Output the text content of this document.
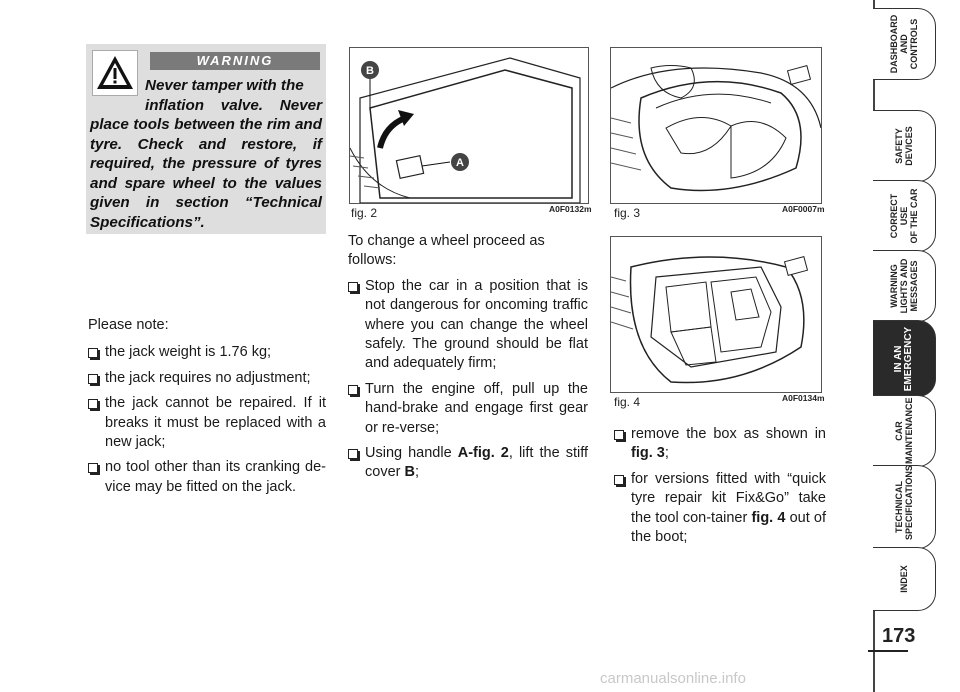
WARNING
Never tamper with the
inflation valve. Never place tools between the rim and tyre. Check and restore, if required, the pressure of tyres and spare wheel to the values given in section “Technical Specifications”.
Please note:
the jack weight is 1.76 kg;
the jack requires no adjustment;
the jack cannot be repaired. If it breaks it must be replaced with a new jack;
no tool other than its cranking de-vice may be fitted on the jack.
B
A
fig. 2	A0F0132m fig. 3	A0F0007m
fig. 4	A0F0134m
To change a wheel proceed as follows:
Stop the car in a position that is not dangerous for oncoming traffic where you can change the wheel safely. The ground should be flat and adequately firm;
Turn the engine off, pull up the hand-brake and engage first gear or re-verse;
Using handle A-fig. 2, lift the stiff cover B;
remove the box as shown in fig. 3;
for versions fitted with “quick tyre repair kit Fix&Go” take the tool con-tainer fig. 4 out of the boot;
DASHBOARD
AND
CONTROLS
SAFETY
DEVICES
CORRECT USE
OF THE CAR
WARNING
LIGHTS AND
MESSAGES
IN AN
EMERGENCY
CAR
MAINTENANCE
TECHNICAL
SPECIFICATIONS
INDEX
173
carmanualsonline.info
